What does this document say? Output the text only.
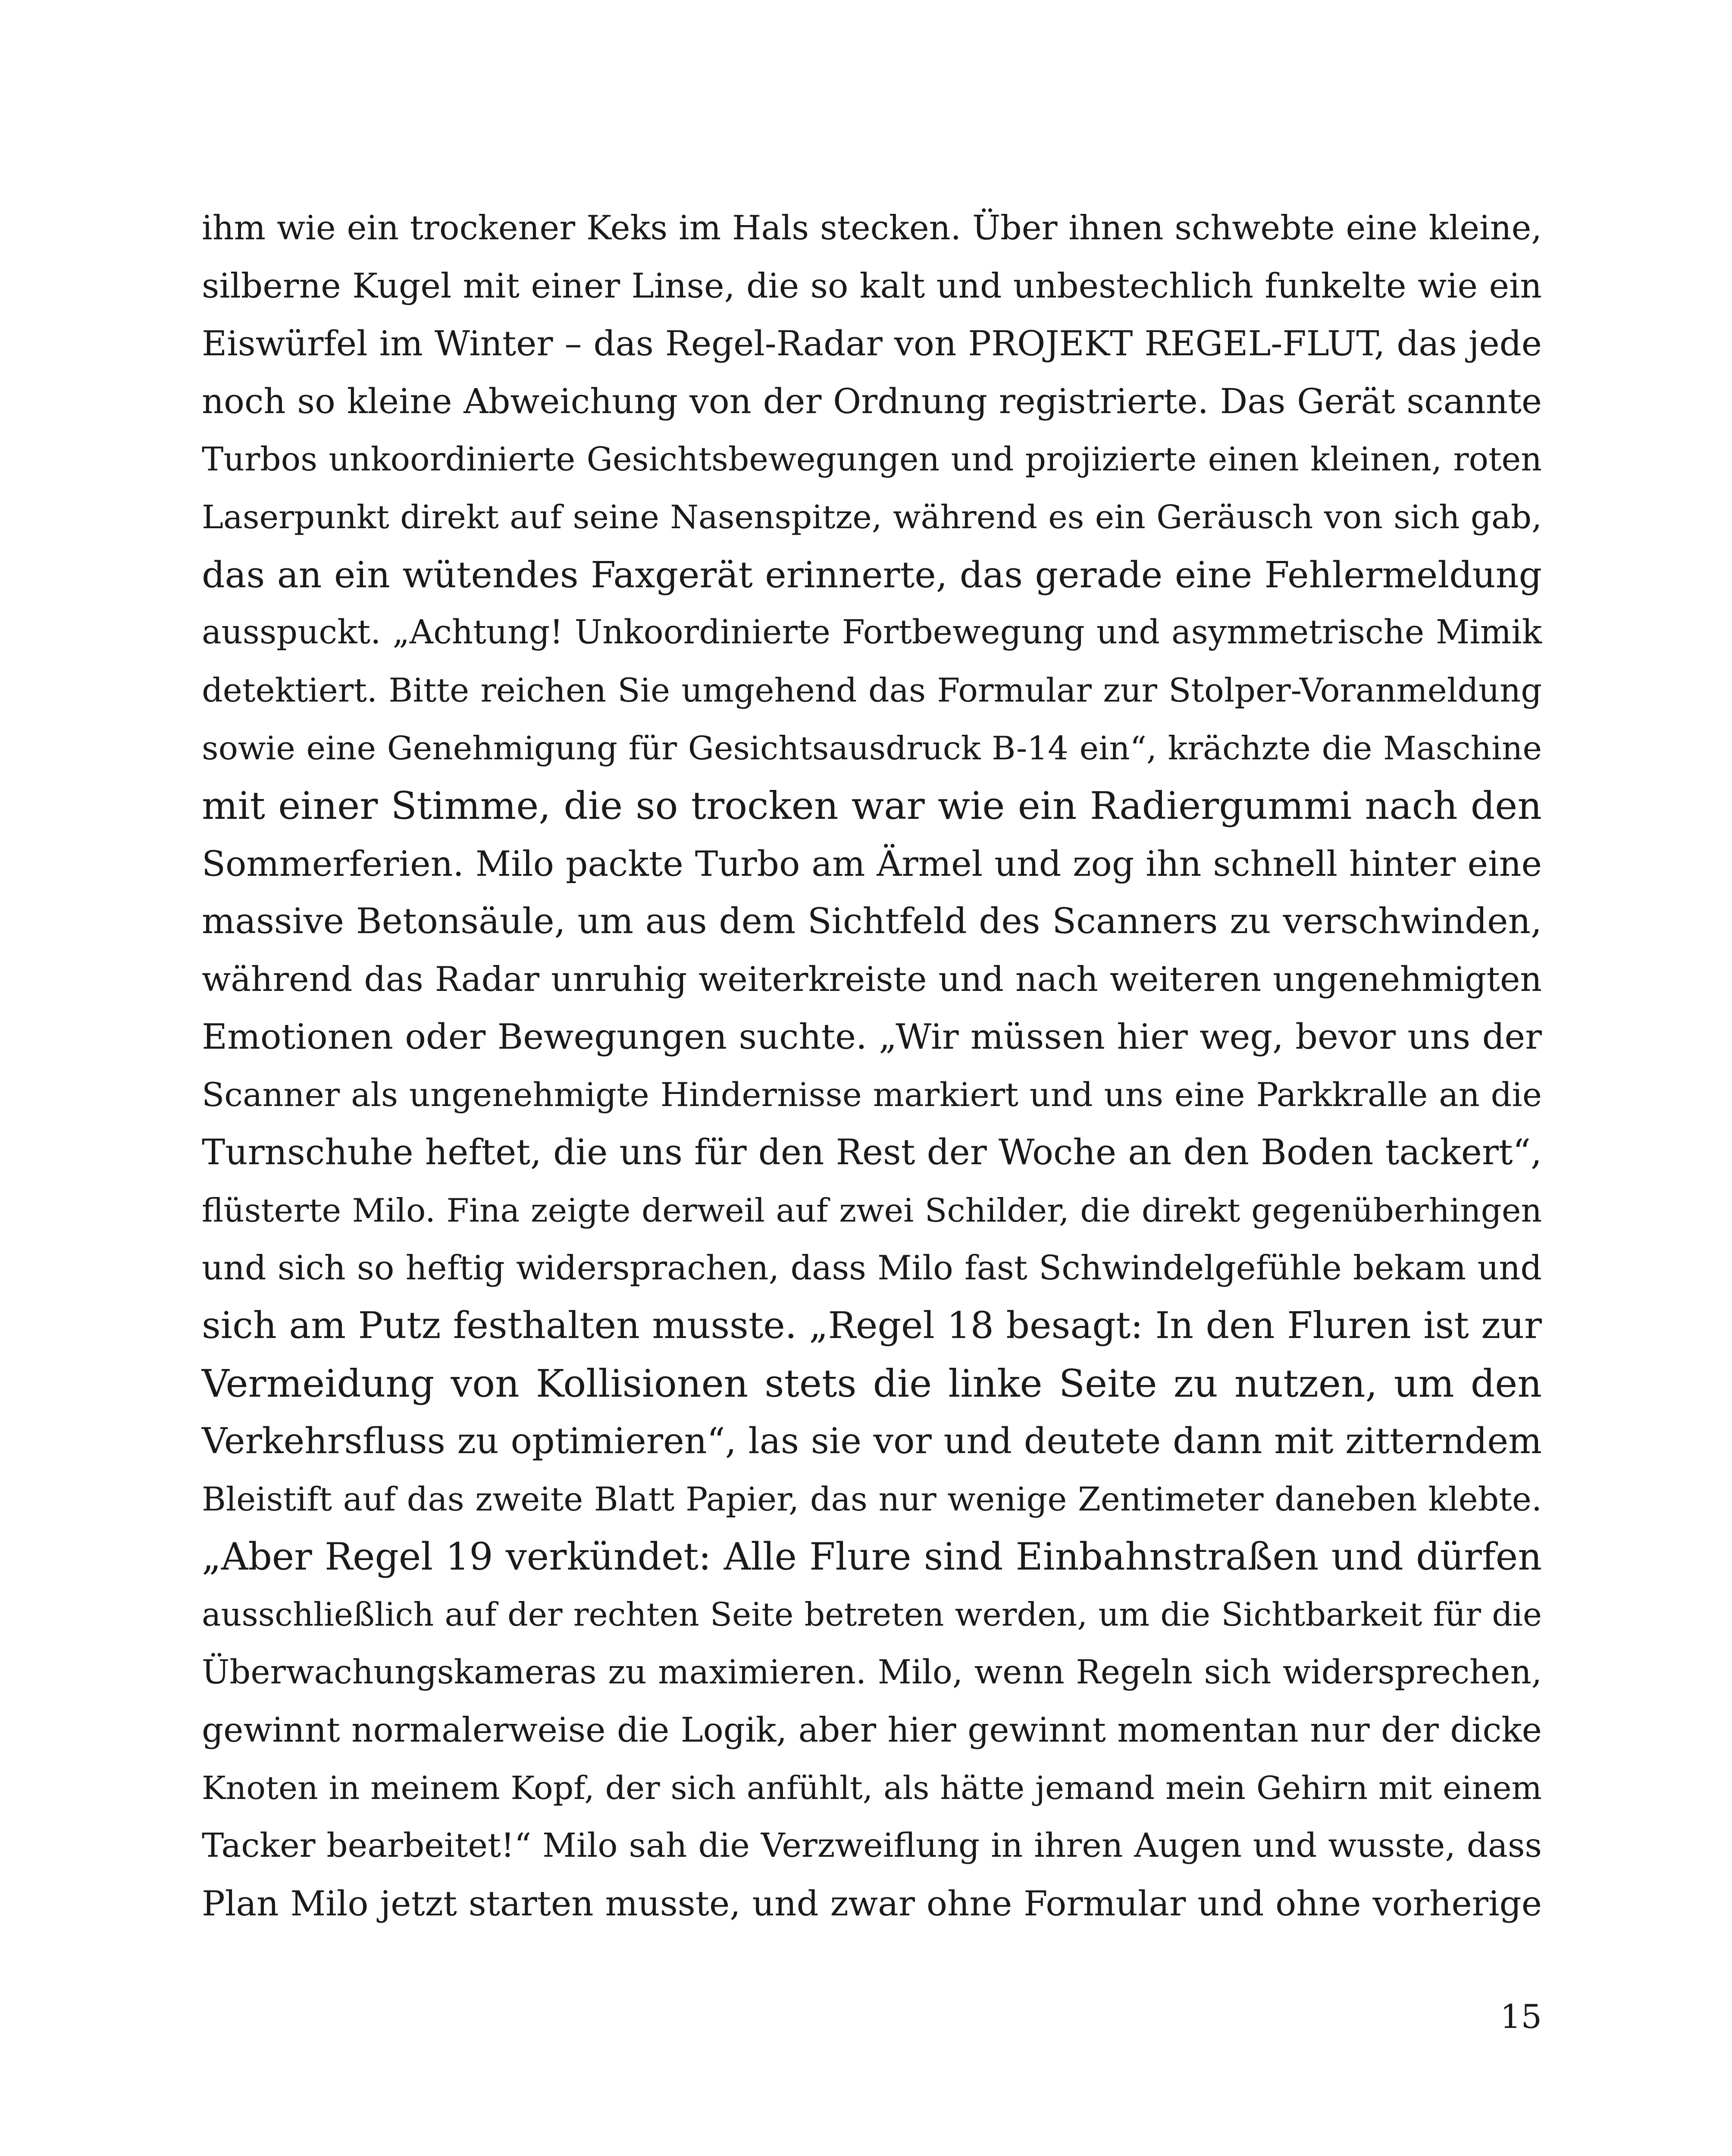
ihm wie ein trockener Keks im Hals stecken. Über ihnen schwebte eine kleine,
silberne Kugel mit einer Linse, die so kalt und unbestechlich funkelte wie ein
Eiswürfel im Winter – das Regel-Radar von PROJEKT REGEL-FLUT, das jede
noch so kleine Abweichung von der Ordnung registrierte. Das Gerät scannte
Turbos unkoordinierte Gesichtsbewegungen und projizierte einen kleinen, roten
Laserpunkt direkt auf seine Nasenspitze, während es ein Geräusch von sich gab,
das an ein wütendes Faxgerät erinnerte, das gerade eine Fehlermeldung
ausspuckt. „Achtung! Unkoordinierte Fortbewegung und asymmetrische Mimik
detektiert. Bitte reichen Sie umgehend das Formular zur Stolper-Voranmeldung
sowie eine Genehmigung für Gesichtsausdruck B-14 ein“, krächzte die Maschine
mit einer Stimme, die so trocken war wie ein Radiergummi nach den
Sommerferien. Milo packte Turbo am Ärmel und zog ihn schnell hinter eine
massive Betonsäule, um aus dem Sichtfeld des Scanners zu verschwinden,
während das Radar unruhig weiterkreiste und nach weiteren ungenehmigten
Emotionen oder Bewegungen suchte. „Wir müssen hier weg, bevor uns der
Scanner als ungenehmigte Hindernisse markiert und uns eine Parkkralle an die
Turnschuhe heftet, die uns für den Rest der Woche an den Boden tackert“,
flüsterte Milo. Fina zeigte derweil auf zwei Schilder, die direkt gegenüberhingen
und sich so heftig widersprachen, dass Milo fast Schwindelgefühle bekam und
sich am Putz festhalten musste. „Regel 18 besagt: In den Fluren ist zur
Vermeidung von Kollisionen stets die linke Seite zu nutzen, um den
Verkehrsfluss zu optimieren“, las sie vor und deutete dann mit zitterndem
Bleistift auf das zweite Blatt Papier, das nur wenige Zentimeter daneben klebte.
„Aber Regel 19 verkündet: Alle Flure sind Einbahnstraßen und dürfen
ausschließlich auf der rechten Seite betreten werden, um die Sichtbarkeit für die
Überwachungskameras zu maximieren. Milo, wenn Regeln sich widersprechen,
gewinnt normalerweise die Logik, aber hier gewinnt momentan nur der dicke
Knoten in meinem Kopf, der sich anfühlt, als hätte jemand mein Gehirn mit einem
Tacker bearbeitet!“ Milo sah die Verzweiflung in ihren Augen und wusste, dass
Plan Milo jetzt starten musste, und zwar ohne Formular und ohne vorherige
15
